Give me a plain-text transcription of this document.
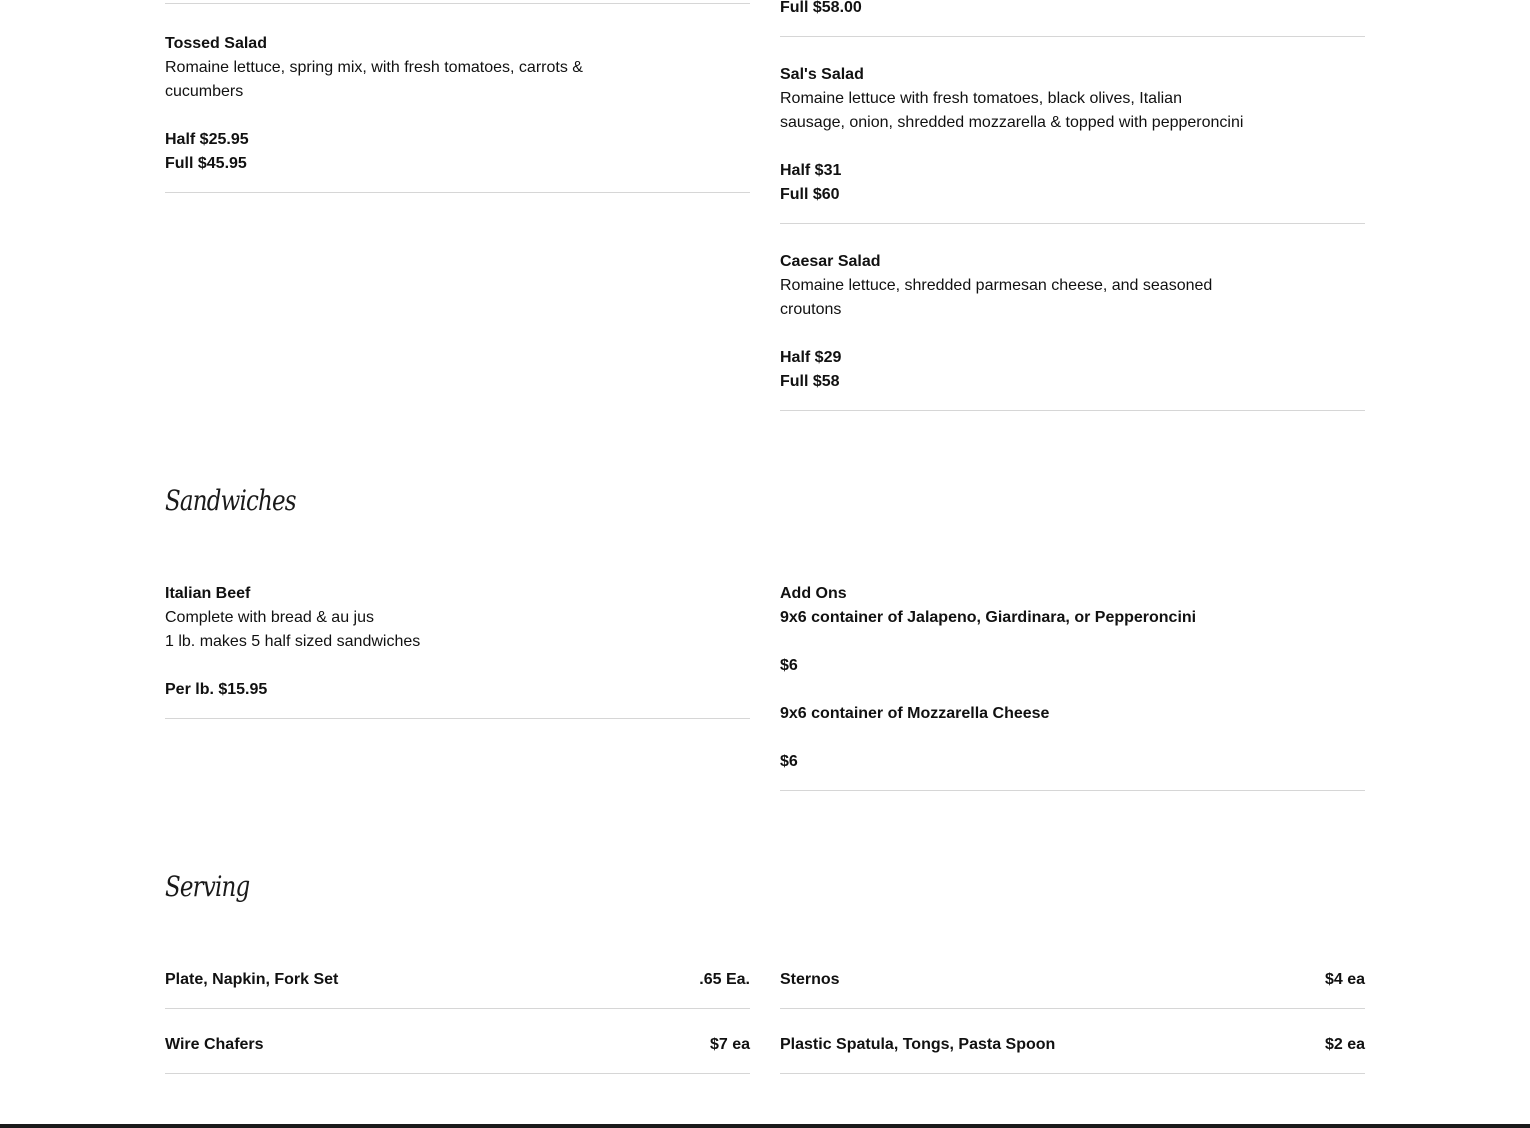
Tossed Salad
Romaine lettuce, spring mix, with fresh tomatoes, carrots &
cucumbers
Half $25.95
Full $45.95
Full $58.00
Sal's Salad
Romaine lettuce with fresh tomatoes, black olives, Italian
sausage, onion, shredded mozzarella & topped with pepperoncini
Half $31
Full $60
Caesar Salad
Romaine lettuce, shredded parmesan cheese, and seasoned
croutons
Half $29
Full $58
Sandwiches
Italian Beef
Complete with bread & au jus
1 lb. makes 5 half sized sandwiches
Per lb. $15.95
Add Ons
9x6 container of Jalapeno, Giardinara, or Pepperoncini
$6
9x6 container of Mozzarella Cheese
$6
Serving
Plate, Napkin, Fork Set	.65 Ea. Sternos	$4 ea
Wire Chafers	$7 ea Plastic Spatula, Tongs, Pasta Spoon	$2 ea
